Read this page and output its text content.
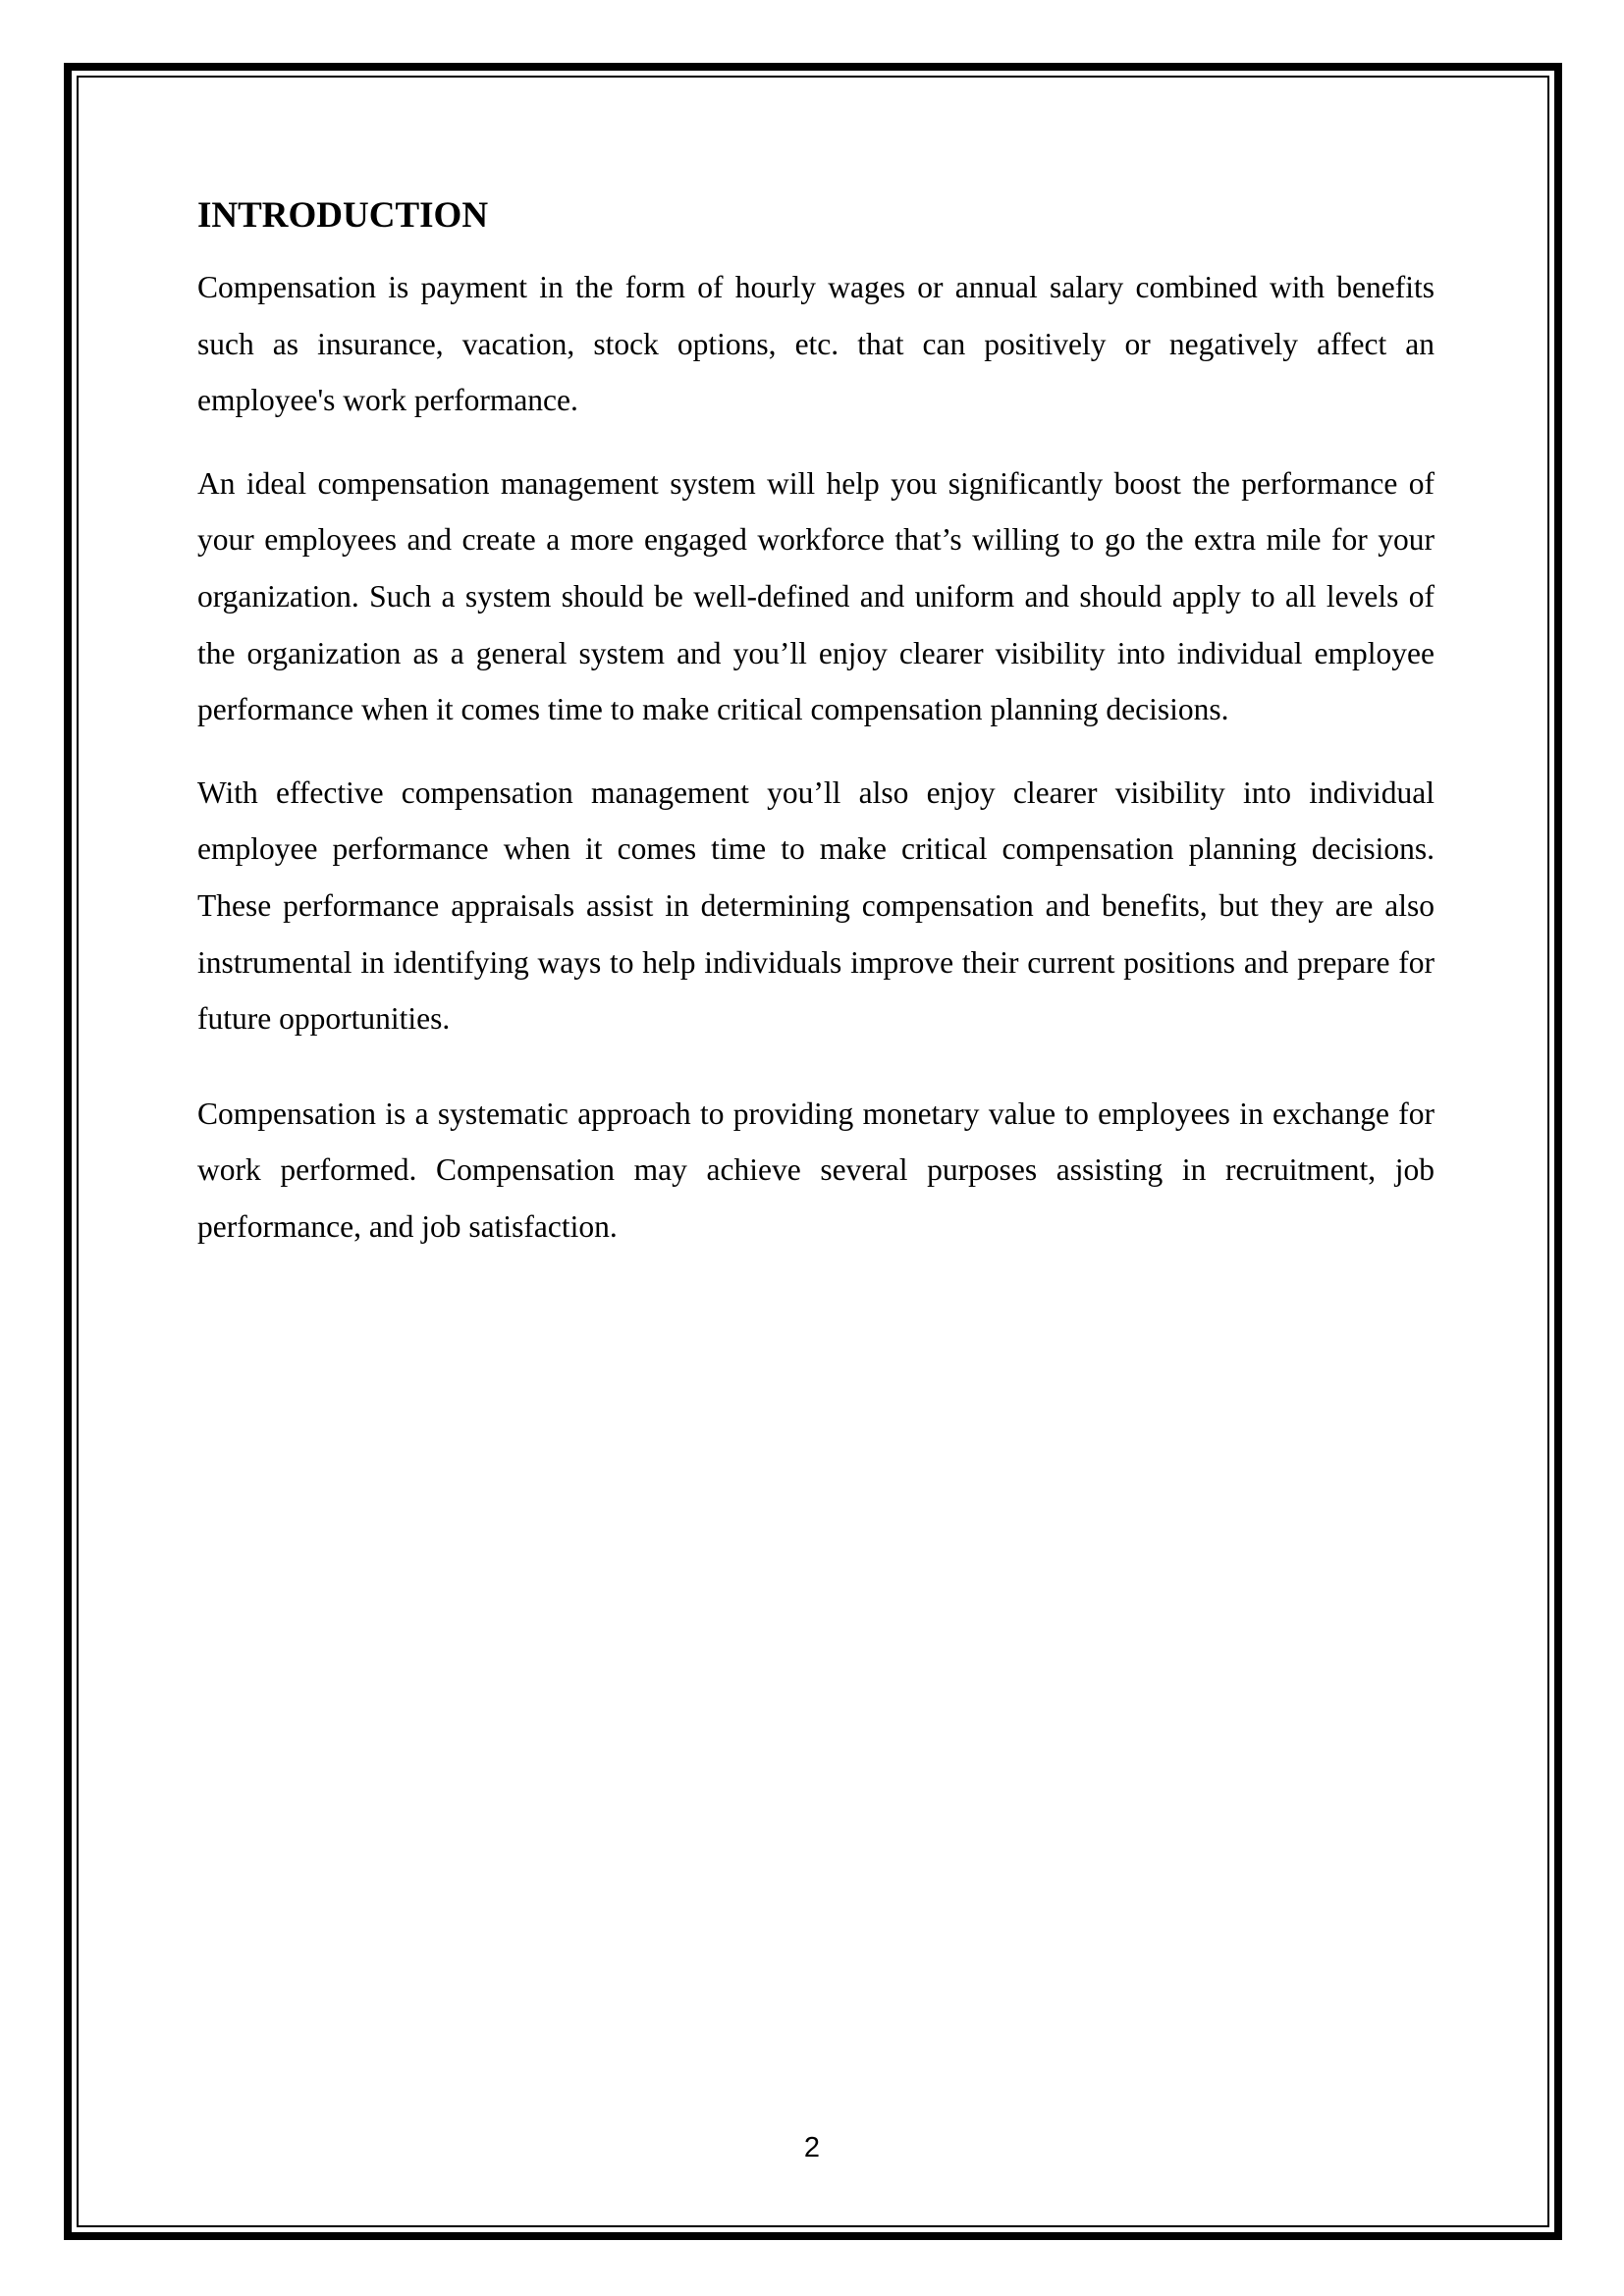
INTRODUCTION

Compensation is payment in the form of hourly wages or annual salary combined with benefits such as insurance, vacation, stock options, etc. that can positively or negatively affect an employee's work performance.

An ideal compensation management system will help you significantly boost the performance of your employees and create a more engaged workforce that’s willing to go the extra mile for your organization. Such a system should be well-defined and uniform and should apply to all levels of the organization as a general system and you’ll enjoy clearer visibility into individual employee performance when it comes time to make critical compensation planning decisions.

With effective compensation management you’ll also enjoy clearer visibility into individual employee performance when it comes time to make critical compensation planning decisions. These performance appraisals assist in determining compensation and benefits, but they are also instrumental in identifying ways to help individuals improve their current positions and prepare for future opportunities.

Compensation is a systematic approach to providing monetary value to employees in exchange for work performed. Compensation may achieve several purposes assisting in recruitment, job performance, and job satisfaction.

2
